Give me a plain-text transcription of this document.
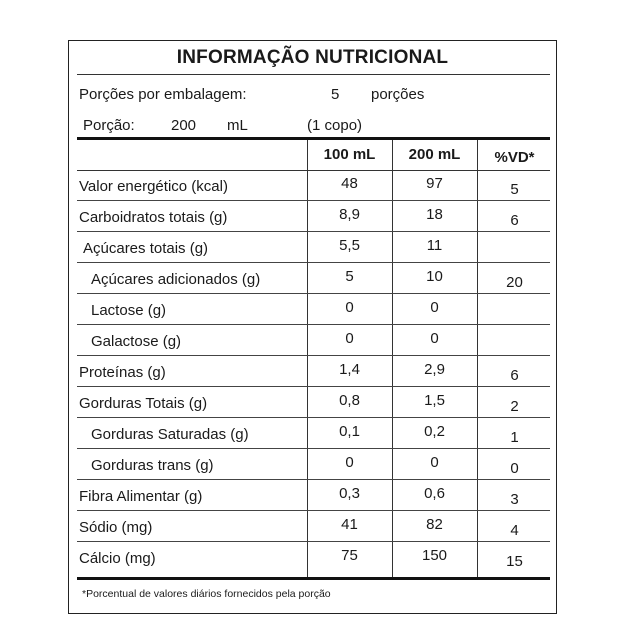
INFORMAÇÃO NUTRICIONAL
Porções por embalagem:	5 porções
Porção: 200 mL	(1 copo)
100 mL	200 mL	%VD*
Valor energético (kcal)	48	97	5
Carboidratos totais (g)	8,9	18	6
Açúcares totais (g)	5,5	11
Açúcares adicionados (g)	5	10	20
Lactose (g)	0	0
Galactose (g)	0	0
Proteínas (g)	1,4	2,9	6
Gorduras Totais (g)	0,8	1,5	2
Gorduras Saturadas (g)	0,1	0,2	1
Gorduras trans (g)	0	0	0
Fibra Alimentar (g)	0,3	0,6	3
Sódio (mg)	41	82	4
Cálcio (mg)	75	150	15
*Porcentual de valores diários fornecidos pela porção
